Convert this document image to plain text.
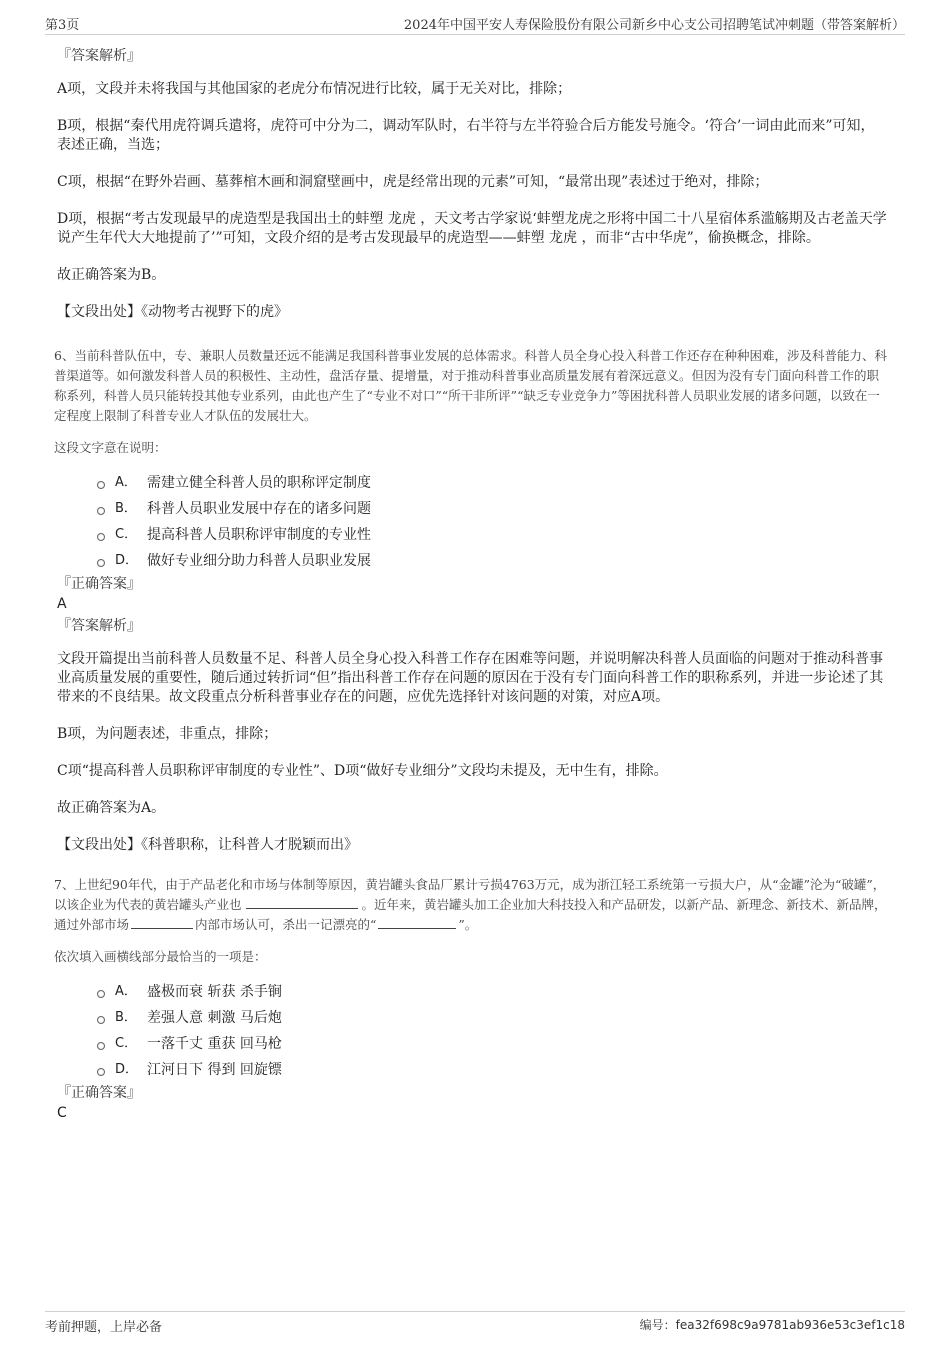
第3页	2024年中国平安人寿保险股份有限公司新乡中心支公司招聘笔试冲刺题（带答案解析）

『答案解析』

A项，文段并未将我国与其他国家的老虎分布情况进行比较，属于无关对比，排除；

B项，根据“秦代用虎符调兵遣将，虎符可中分为二，调动军队时，右半符与左半符验合后方能发号施令。‘符合’一词由此而来”可知，表述正确，当选；

C项，根据“在野外岩画、墓葬棺木画和洞窟壁画中，虎是经常出现的元素”可知，“最常出现”表述过于绝对，排除；

D项，根据“考古发现最早的虎造型是我国出土的蚌塑 龙虎 ，天文考古学家说‘蚌塑龙虎之形将中国二十八星宿体系滥觞期及古老盖天学说产生年代大大地提前了’”可知，文段介绍的是考古发现最早的虎造型——蚌塑 龙虎 ，而非“古中华虎”，偷换概念，排除。

故正确答案为B。

【文段出处】《动物考古视野下的虎》

6、当前科普队伍中，专、兼职人员数量还远不能满足我国科普事业发展的总体需求。科普人员全身心投入科普工作还存在种种困难，涉及科普能力、科普渠道等。如何激发科普人员的积极性、主动性，盘活存量、提增量，对于推动科普事业高质量发展有着深远意义。但因为没有专门面向科普工作的职称系列，科普人员只能转投其他专业系列，由此也产生了“专业不对口”“所干非所评”“缺乏专业竞争力”等困扰科普人员职业发展的诸多问题，以致在一定程度上限制了科普专业人才队伍的发展壮大。

这段文字意在说明：

A． 需建立健全科普人员的职称评定制度
B． 科普人员职业发展中存在的诸多问题
C． 提高科普人员职称评审制度的专业性
D． 做好专业细分助力科普人员职业发展

『正确答案』

A

『答案解析』

文段开篇提出当前科普人员数量不足、科普人员全身心投入科普工作存在困难等问题，并说明解决科普人员面临的问题对于推动科普事业高质量发展的重要性，随后通过转折词“但”指出科普工作存在问题的原因在于没有专门面向科普工作的职称系列，并进一步论述了其带来的不良结果。故文段重点分析科普事业存在的问题，应优先选择针对该问题的对策，对应A项。

B项，为问题表述，非重点，排除；

C项“提高科普人员职称评审制度的专业性”、D项“做好专业细分”文段均未提及，无中生有，排除。

故正确答案为A。

【文段出处】《科普职称，让科普人才脱颖而出》

7、上世纪90年代，由于产品老化和市场与体制等原因，黄岩罐头食品厂累计亏损4763万元，成为浙江轻工系统第一亏损大户，从“金罐”沦为“破罐”，以该企业为代表的黄岩罐头产业也	。近年来，黄岩罐头加工企业加大科技投入和产品研发，以新产品、新理念、新技术、新品牌，通过外部市场	内部市场认可，杀出一记漂亮的“	”。

依次填入画横线部分最恰当的一项是：

A． 盛极而衰 斩获 杀手锏
B． 差强人意 刺激 马后炮
C． 一落千丈 重获 回马枪
D． 江河日下 得到 回旋镖

『正确答案』

C

考前押题，上岸必备	编号：fea32f698c9a9781ab936e53c3ef1c18
